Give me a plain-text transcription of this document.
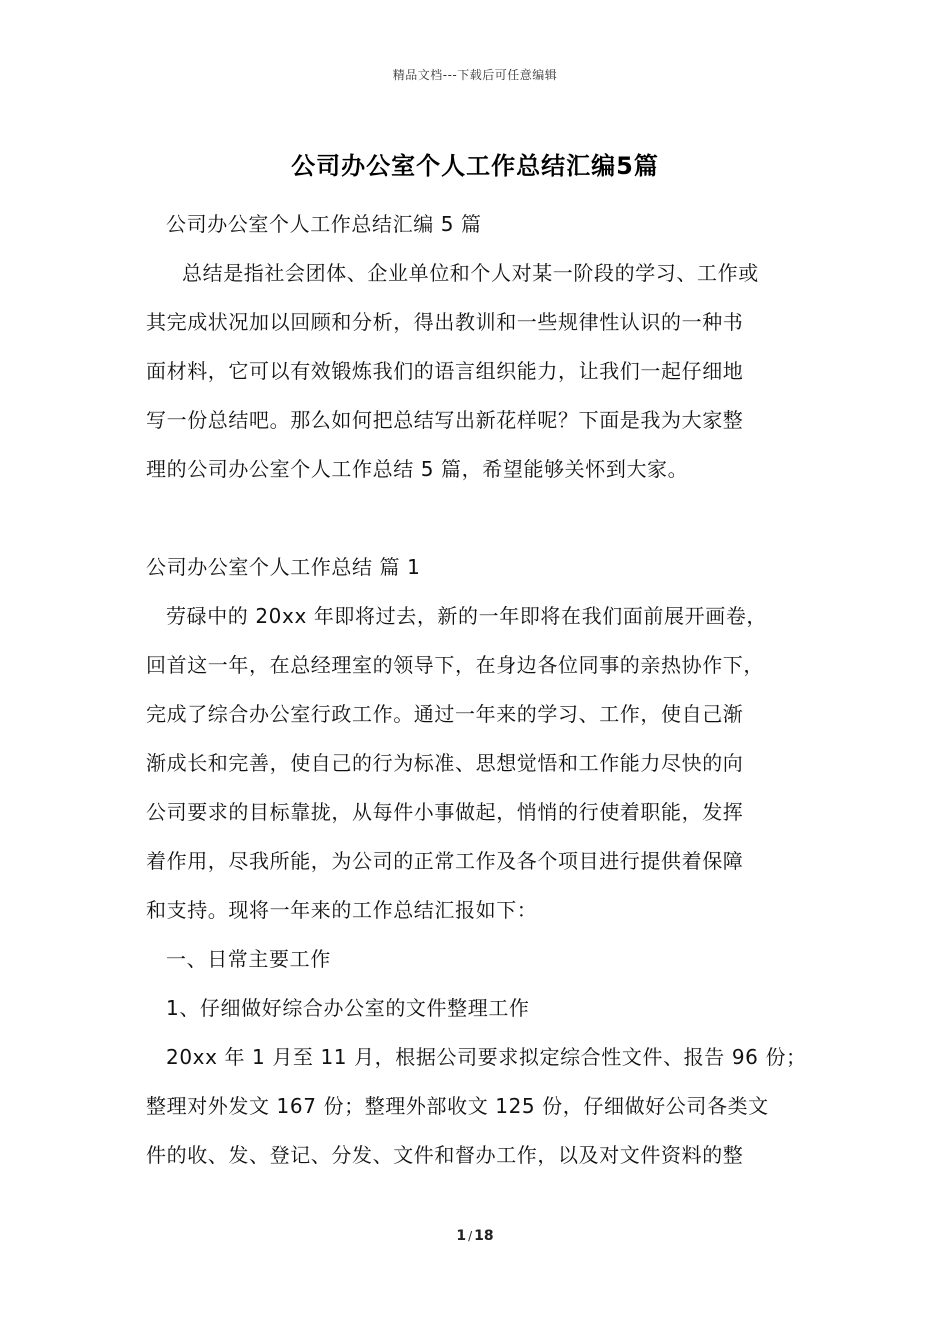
精品文档---下载后可任意编辑
公司办公室个人工作总结汇编5篇

公司办公室个人工作总结汇编 5 篇

总结是指社会团体、企业单位和个人对某一阶段的学习、工作或

其完成状况加以回顾和分析，得出教训和一些规律性认识的一种书

面材料，它可以有效锻炼我们的语言组织能力，让我们一起仔细地

写一份总结吧。那么如何把总结写出新花样呢？下面是我为大家整

理的公司办公室个人工作总结 5 篇，希望能够关怀到大家。

公司办公室个人工作总结 篇 1

劳碌中的 20xx 年即将过去，新的一年即将在我们面前展开画卷，

回首这一年，在总经理室的领导下，在身边各位同事的亲热协作下，

完成了综合办公室行政工作。通过一年来的学习、工作，使自己渐

渐成长和完善，使自己的行为标准、思想觉悟和工作能力尽快的向

公司要求的目标靠拢，从每件小事做起，悄悄的行使着职能，发挥

着作用，尽我所能，为公司的正常工作及各个项目进行提供着保障

和支持。现将一年来的工作总结汇报如下：

一、日常主要工作

1、仔细做好综合办公室的文件整理工作

20xx 年 1 月至 11 月，根据公司要求拟定综合性文件、报告 96 份；

整理对外发文 167 份；整理外部收文 125 份，仔细做好公司各类文

件的收、发、登记、分发、文件和督办工作，以及对文件资料的整

1 / 18
